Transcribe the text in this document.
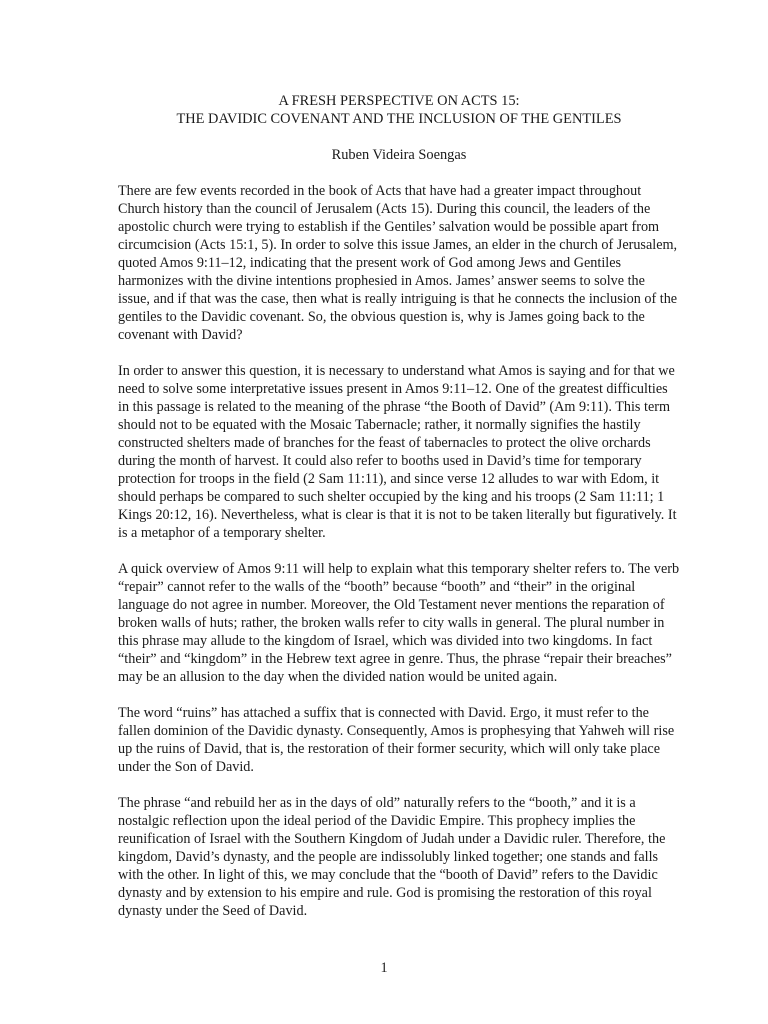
A FRESH PERSPECTIVE ON ACTS 15:

THE DAVIDIC COVENANT AND THE INCLUSION OF THE GENTILES

Ruben Videira Soengas

There are few events recorded in the book of Acts that have had a greater impact throughout Church history than the council of Jerusalem (Acts 15). During this council, the leaders of the apostolic church were trying to establish if the Gentiles’ salvation would be possible apart from circumcision (Acts 15:1, 5). In order to solve this issue James, an elder in the church of Jerusalem, quoted Amos 9:11–12, indicating that the present work of God among Jews and Gentiles harmonizes with the divine intentions prophesied in Amos. James’ answer seems to solve the issue, and if that was the case, then what is really intriguing is that he connects the inclusion of the gentiles to the Davidic covenant. So, the obvious question is, why is James going back to the covenant with David?

In order to answer this question, it is necessary to understand what Amos is saying and for that we need to solve some interpretative issues present in Amos 9:11–12. One of the greatest difficulties in this passage is related to the meaning of the phrase “the Booth of David” (Am 9:11). This term should not to be equated with the Mosaic Tabernacle; rather, it normally signifies the hastily constructed shelters made of branches for the feast of tabernacles to protect the olive orchards during the month of harvest. It could also refer to booths used in David’s time for temporary protection for troops in the field (2 Sam 11:11), and since verse 12 alludes to war with Edom, it should perhaps be compared to such shelter occupied by the king and his troops (2 Sam 11:11; 1 Kings 20:12, 16). Nevertheless, what is clear is that it is not to be taken literally but figuratively. It is a metaphor of a temporary shelter.

A quick overview of Amos 9:11 will help to explain what this temporary shelter refers to. The verb “repair” cannot refer to the walls of the “booth” because “booth” and “their” in the original language do not agree in number. Moreover, the Old Testament never mentions the reparation of broken walls of huts; rather, the broken walls refer to city walls in general. The plural number in this phrase may allude to the kingdom of Israel, which was divided into two kingdoms. In fact “their” and “kingdom” in the Hebrew text agree in genre. Thus, the phrase “repair their breaches” may be an allusion to the day when the divided nation would be united again.

The word “ruins” has attached a suffix that is connected with David. Ergo, it must refer to the fallen dominion of the Davidic dynasty. Consequently, Amos is prophesying that Yahweh will rise up the ruins of David, that is, the restoration of their former security, which will only take place under the Son of David.

The phrase “and rebuild her as in the days of old” naturally refers to the “booth,” and it is a nostalgic reflection upon the ideal period of the Davidic Empire. This prophecy implies the reunification of Israel with the Southern Kingdom of Judah under a Davidic ruler. Therefore, the kingdom, David’s dynasty, and the people are indissolubly linked together; one stands and falls with the other. In light of this, we may conclude that the “booth of David” refers to the Davidic dynasty and by extension to his empire and rule. God is promising the restoration of this royal dynasty under the Seed of David.

1
